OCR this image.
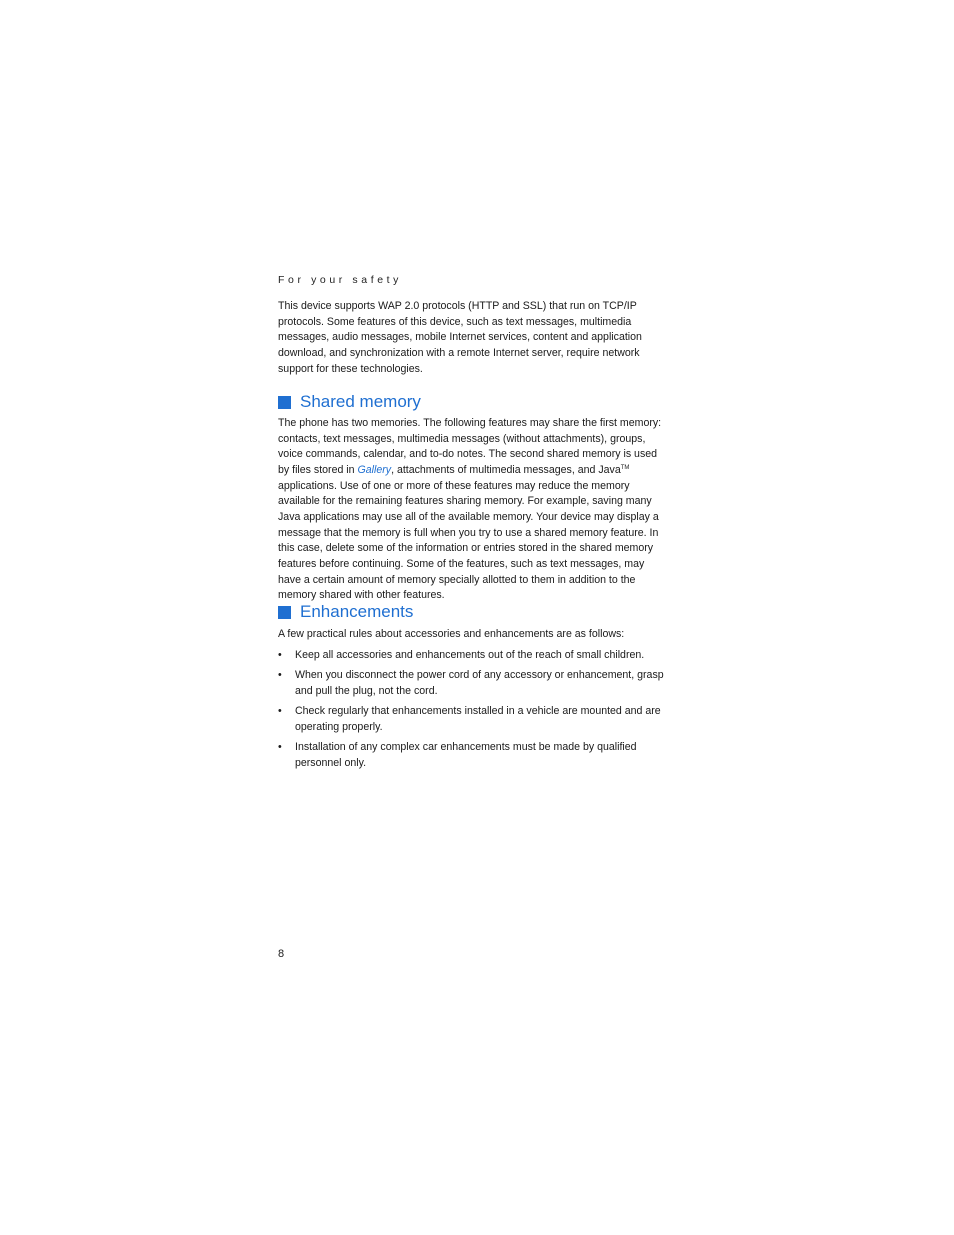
For your safety

This device supports WAP 2.0 protocols (HTTP and SSL) that run on TCP/IP protocols. Some features of this device, such as text messages, multimedia messages, audio messages, mobile Internet services, content and application download, and synchronization with a remote Internet server, require network support for these technologies.

Shared memory

The phone has two memories. The following features may share the first memory: contacts, text messages, multimedia messages (without attachments), groups, voice commands, calendar, and to-do notes. The second shared memory is used by files stored in Gallery, attachments of multimedia messages, and Java™ applications. Use of one or more of these features may reduce the memory available for the remaining features sharing memory. For example, saving many Java applications may use all of the available memory. Your device may display a message that the memory is full when you try to use a shared memory feature. In this case, delete some of the information or entries stored in the shared memory features before continuing. Some of the features, such as text messages, may have a certain amount of memory specially allotted to them in addition to the memory shared with other features.

Enhancements

A few practical rules about accessories and enhancements are as follows:

• Keep all accessories and enhancements out of the reach of small children.
• When you disconnect the power cord of any accessory or enhancement, grasp and pull the plug, not the cord.
• Check regularly that enhancements installed in a vehicle are mounted and are operating properly.
• Installation of any complex car enhancements must be made by qualified personnel only.
8
